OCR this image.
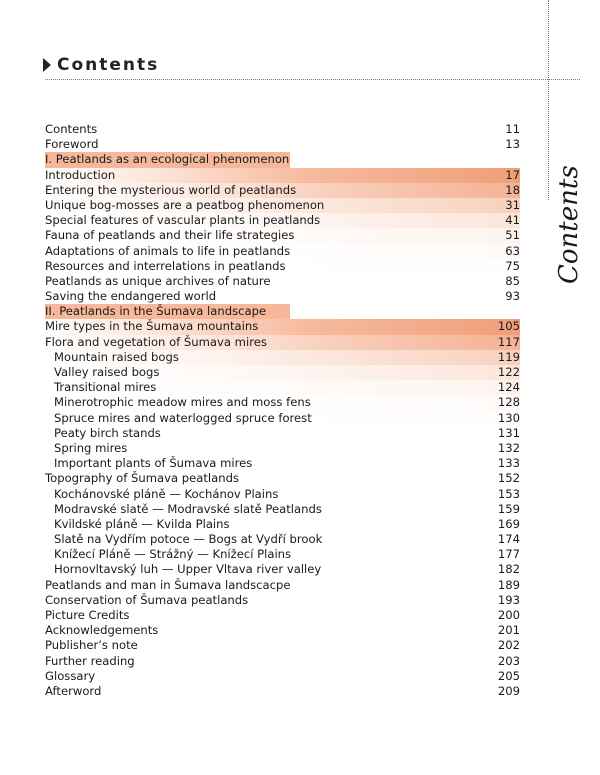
Contents
Contents
Contents	11
Foreword	13
I. Peatlands as an ecological phenomenon
Introduction	17
Entering the mysterious world of peatlands	18
Unique bog-mosses are a peatbog phenomenon	31
Special features of vascular plants in peatlands	41
Fauna of peatlands and their life strategies	51
Adaptations of animals to life in peatlands	63
Resources and interrelations in peatlands	75
Peatlands as unique archives of nature	85
Saving the endangered world	93
II. Peatlands in the Šumava landscape
Mire types in the Šumava mountains	105
Flora and vegetation of Šumava mires	117
Mountain raised bogs	119
Valley raised bogs	122
Transitional mires	124
Minerotrophic meadow mires and moss fens	128
Spruce mires and waterlogged spruce forest	130
Peaty birch stands	131
Spring mires	132
Important plants of Šumava mires	133
Topography of Šumava peatlands	152
Kochánovské pláně — Kochánov Plains	153
Modravské slatě — Modravské slatě Peatlands	159
Kvildské pláně — Kvilda Plains	169
Slatě na Vydřím potoce — Bogs at Vydří brook	174
Knížecí Pláně — Strážný — Knížecí Plains	177
Hornovltavský luh — Upper Vltava river valley	182
Peatlands and man in Šumava landscacpe	189
Conservation of Šumava peatlands	193
Picture Credits	200
Acknowledgements	201
Publisher’s note	202
Further reading	203
Glossary	205
Afterword	209
